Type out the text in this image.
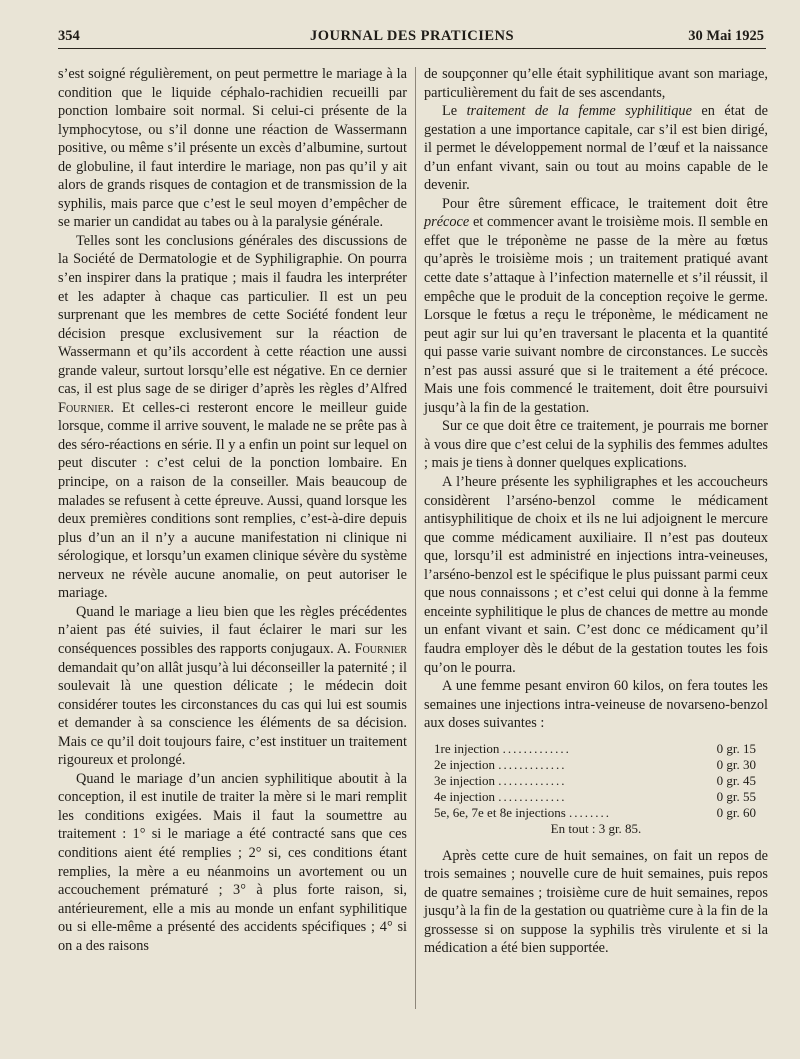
354	JOURNAL DES PRATICIENS	30 Mai 1925

s’est soigné régulièrement, on peut permettre le mariage à la condition que le liquide céphalo-rachidien recueilli par ponction lombaire soit normal. Si celui-ci présente de la lymphocytose, ou s’il donne une réaction de Wassermann positive, ou même s’il présente un excès d’albumine, surtout de globuline, il faut interdire le mariage, non pas qu’il y ait alors de grands risques de contagion et de transmission de la syphilis, mais parce que c’est le seul moyen d’empêcher de se marier un candidat au tabes ou à la paralysie générale.

Telles sont les conclusions générales des discussions de la Société de Dermatologie et de Syphiligraphie. On pourra s’en inspirer dans la pratique ; mais il faudra les interpréter et les adapter à chaque cas particulier. Il est un peu surprenant que les membres de cette Société fondent leur décision presque exclusivement sur la réaction de Wassermann et qu’ils accordent à cette réaction une aussi grande valeur, surtout lorsqu’elle est négative. En ce dernier cas, il est plus sage de se diriger d’après les règles d’Alfred Fournier. Et celles-ci resteront encore le meilleur guide lorsque, comme il arrive souvent, le malade ne se prête pas à des séro-réactions en série. Il y a enfin un point sur lequel on peut discuter : c’est celui de la ponction lombaire. En principe, on a raison de la conseiller. Mais beaucoup de malades se refusent à cette épreuve. Aussi, quand lorsque les deux premières conditions sont remplies, c’est-à-dire depuis plus d’un an il n’y a aucune manifestation ni clinique ni sérologique, et lorsqu’un examen clinique sévère du système nerveux ne révèle aucune anomalie, on peut autoriser le mariage.

Quand le mariage a lieu bien que les règles précédentes n’aient pas été suivies, il faut éclairer le mari sur les conséquences possibles des rapports conjugaux. A. Fournier demandait qu’on allât jusqu’à lui déconseiller la paternité ; il soulevait là une question délicate ; le médecin doit considérer toutes les circonstances du cas qui lui est soumis et demander à sa conscience les éléments de sa décision. Mais ce qu’il doit toujours faire, c’est instituer un traitement rigoureux et prolongé.

Quand le mariage d’un ancien syphilitique aboutit à la conception, il est inutile de traiter la mère si le mari remplit les conditions exigées. Mais il faut la soumettre au traitement : 1° si le mariage a été contracté sans que ces conditions aient été remplies ; 2° si, ces conditions étant remplies, la mère a eu néanmoins un avortement ou un accouchement prématuré ; 3° à plus forte raison, si, antérieurement, elle a mis au monde un enfant syphilitique ou si elle-même a présenté des accidents spécifiques ; 4° si on a des raisons

de soupçonner qu’elle était syphilitique avant son mariage, particulièrement du fait de ses ascendants,

Le traitement de la femme syphilitique en état de gestation a une importance capitale, car s’il est bien dirigé, il permet le développement normal de l’œuf et la naissance d’un enfant vivant, sain ou tout au moins capable de le devenir.

Pour être sûrement efficace, le traitement doit être précoce et commencer avant le troisième mois. Il semble en effet que le tréponème ne passe de la mère au fœtus qu’après le troisième mois ; un traitement pratiqué avant cette date s’attaque à l’infection maternelle et s’il réussit, il empêche que le produit de la conception reçoive le germe. Lorsque le fœtus a reçu le tréponème, le médicament ne peut agir sur lui qu’en traversant le placenta et la quantité qui passe varie suivant nombre de circonstances. Le succès n’est pas aussi assuré que si le traitement a été précoce. Mais une fois commencé le traitement, doit être poursuivi jusqu’à la fin de la gestation.

Sur ce que doit être ce traitement, je pourrais me borner à vous dire que c’est celui de la syphilis des femmes adultes ; mais je tiens à donner quelques explications.

A l’heure présente les syphiligraphes et les accoucheurs considèrent l’arséno-benzol comme le médicament antisyphilitique de choix et ils ne lui adjoignent le mercure que comme médicament auxiliaire. Il n’est pas douteux que, lorsqu’il est administré en injections intra-veineuses, l’arséno-benzol est le spécifique le plus puissant parmi ceux que nous connaissons ; et c’est celui qui donne à la femme enceinte syphilitique le plus de chances de mettre au monde un enfant vivant et sain. C’est donc ce médicament qu’il faudra employer dès le début de la gestation toutes les fois qu’on le pourra.

A une femme pesant environ 60 kilos, on fera toutes les semaines une injections intra-veineuse de novarseno-benzol aux doses suivantes :

1re injection .............	0 gr. 15
2e injection .............	0 gr. 30
3e injection .............	0 gr. 45
4e injection .............	0 gr. 55
5e, 6e, 7e et 8e injections ........	0 gr. 60
En tout : 3 gr. 85.

Après cette cure de huit semaines, on fait un repos de trois semaines ; nouvelle cure de huit semaines, puis repos de quatre semaines ; troisième cure de huit semaines, repos jusqu’à la fin de la gestation ou quatrième cure à la fin de la grossesse si on suppose la syphilis très virulente et si la médication a été bien supportée.
